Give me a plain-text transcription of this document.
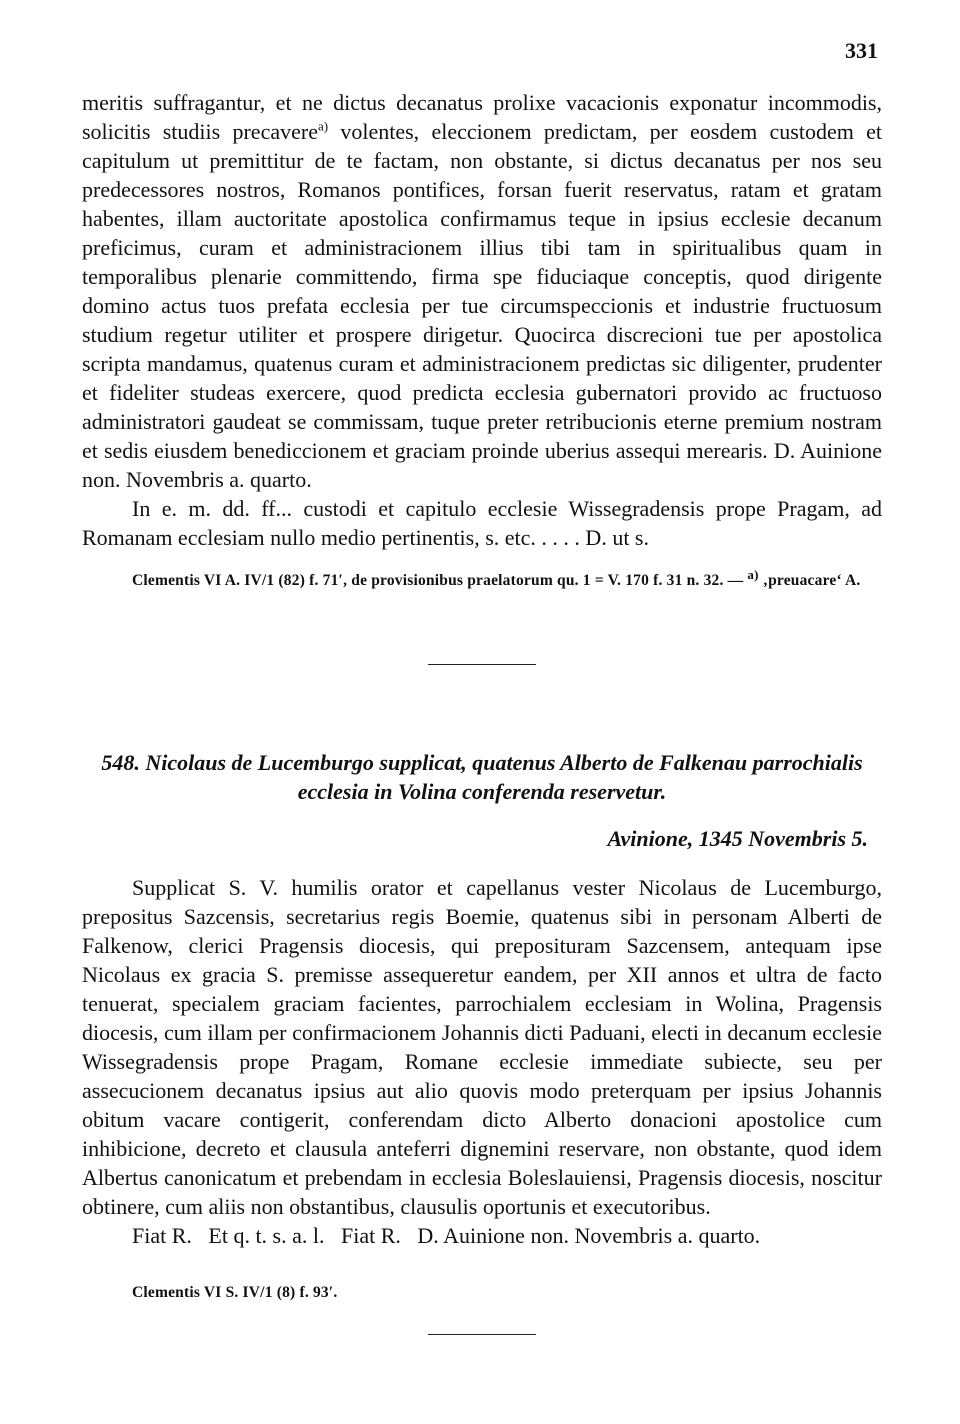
331

meritis suffragantur, et ne dictus decanatus prolixe vacacionis exponatur incommodis, solicitis studiis precavere$^{a)}$ volentes, eleccionem predictam, per eosdem custodem et capitulum ut premittitur de te factam, non obstante, si dictus decanatus per nos seu predecessores nostros, Romanos pontifices, forsan fuerit reservatus, ratam et gratam habentes, illam auctoritate apostolica confirmamus teque in ipsius ecclesie decanum preficimus, curam et administracionem illius tibi tam in spiritualibus quam in temporalibus plenarie committendo, firma spe fiduciaque conceptis, quod dirigente domino actus tuos prefata ecclesia per tue circumspeccionis et industrie fructuosum studium regetur utiliter et prospere dirigetur. Quocirca discrecioni tue per apostolica scripta mandamus, quatenus curam et administracionem predictas sic diligenter, prudenter et fideliter studeas exercere, quod predicta ecclesia gubernatori provido ac fructuoso administratori gaudeat se commissam, tuque preter retribucionis eterne premium nostram et sedis eiusdem benediccionem et graciam proinde uberius assequi merearis. D. Auinione non. Novembris a. quarto.

In e. m. dd. ff... custodi et capitulo ecclesie Wissegradensis prope Pragam, ad Romanam ecclesiam nullo medio pertinentis, s. etc. . . . . D. ut s.

Clementis VI A. IV/1 (82) f. 71′, de provisionibus praelatorum qu. 1 = V. 170 f. 31 n. 32. — $^{a)}$ ‚preuacare‘ A.

548. Nicolaus de Lucemburgo supplicat, quatenus Alberto de Falkenau parrochialis ecclesia in Volina conferenda reservetur.

Avinione, 1345 Novembris 5.

Supplicat S. V. humilis orator et capellanus vester Nicolaus de Lucemburgo, prepositus Sazcensis, secretarius regis Boemie, quatenus sibi in personam Alberti de Falkenow, clerici Pragensis diocesis, qui preposituram Sazcensem, antequam ipse Nicolaus ex gracia S. premisse assequeretur eandem, per XII annos et ultra de facto tenuerat, specialem graciam facientes, parrochialem ecclesiam in Wolina, Pragensis diocesis, cum illam per confirmacionem Johannis dicti Paduani, electi in decanum ecclesie Wissegradensis prope Pragam, Romane ecclesie immediate subiecte, seu per assecucionem decanatus ipsius aut alio quovis modo preterquam per ipsius Johannis obitum vacare contigerit, conferendam dicto Alberto donacioni apostolice cum inhibicione, decreto et clausula anteferri dignemini reservare, non obstante, quod idem Albertus canonicatum et prebendam in ecclesia Boleslauiensi, Pragensis diocesis, noscitur obtinere, cum aliis non obstantibus, clausulis oportunis et executoribus.

Fiat R.   Et q. t. s. a. l.   Fiat R.   D. Auinione non. Novembris a. quarto.

Clementis VI S. IV/1 (8) f. 93′.
